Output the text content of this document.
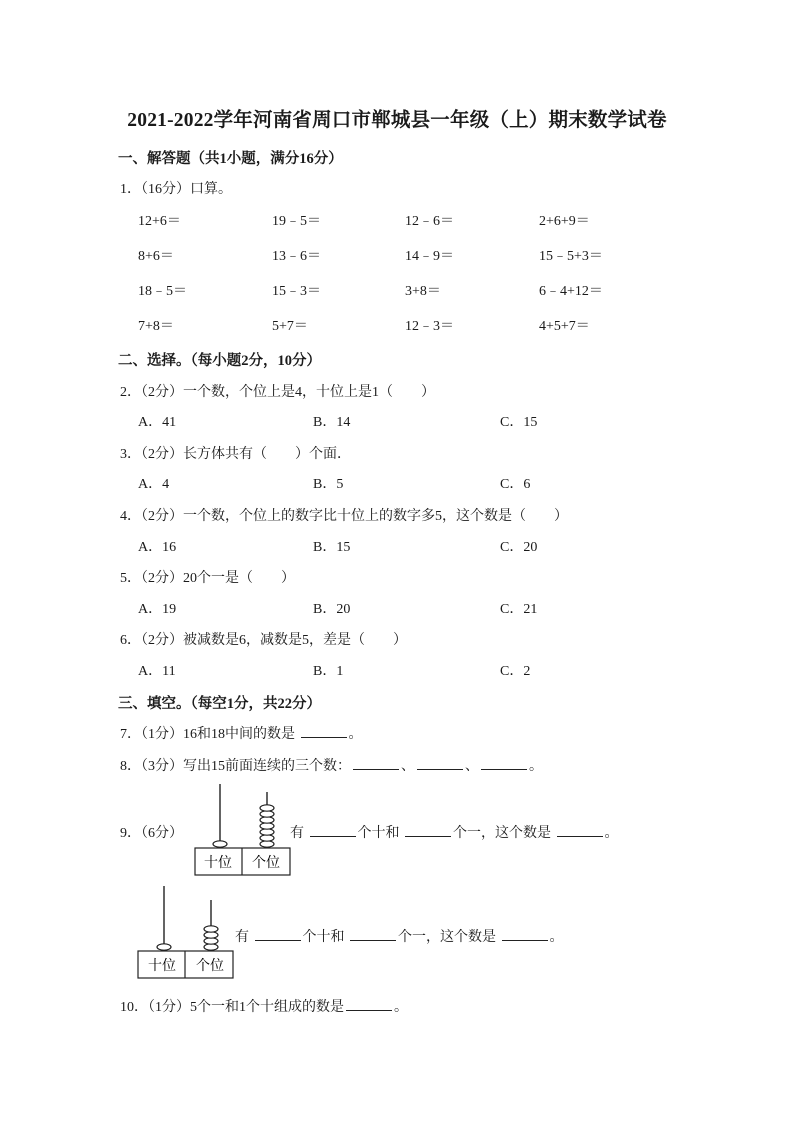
2021-2022学年河南省周口市郸城县一年级（上）期末数学试卷
一、解答题（共1小题，满分16分）
1．（16分）口算。
12+6＝	19﹣5＝	12﹣6＝	2+6+9＝
8+6＝	13﹣6＝	14﹣9＝	15﹣5+3＝
18﹣5＝	15﹣3＝	3+8＝	6﹣4+12＝
7+8＝	5+7＝	12﹣3＝	4+5+7＝
二、选择。（每小题2分，10分）
2．（2分）一个数，个位上是4，十位上是1（　　）
A．41	B．14	C．15
3．（2分）长方体共有（　　）个面．
A．4	B．5	C．6
4．（2分）一个数，个位上的数字比十位上的数字多5，这个数是（　　）
A．16	B．15	C．20
5．（2分）20个一是（　　）
A．19	B．20	C．21
6．（2分）被减数是6，减数是5，差是（　　）
A．11	B．1	C．2
三、填空。（每空1分，共22分）
7．（1分）16和18中间的数是	。
8．（3分）写出15前面连续的三个数：	、	、	。
9．（6分）
十位 个位
有	个十和	个一，这个数是	。
十位 个位
有	个十和	个一，这个数是	。
10．（1分）5个一和1个十组成的数是	。
